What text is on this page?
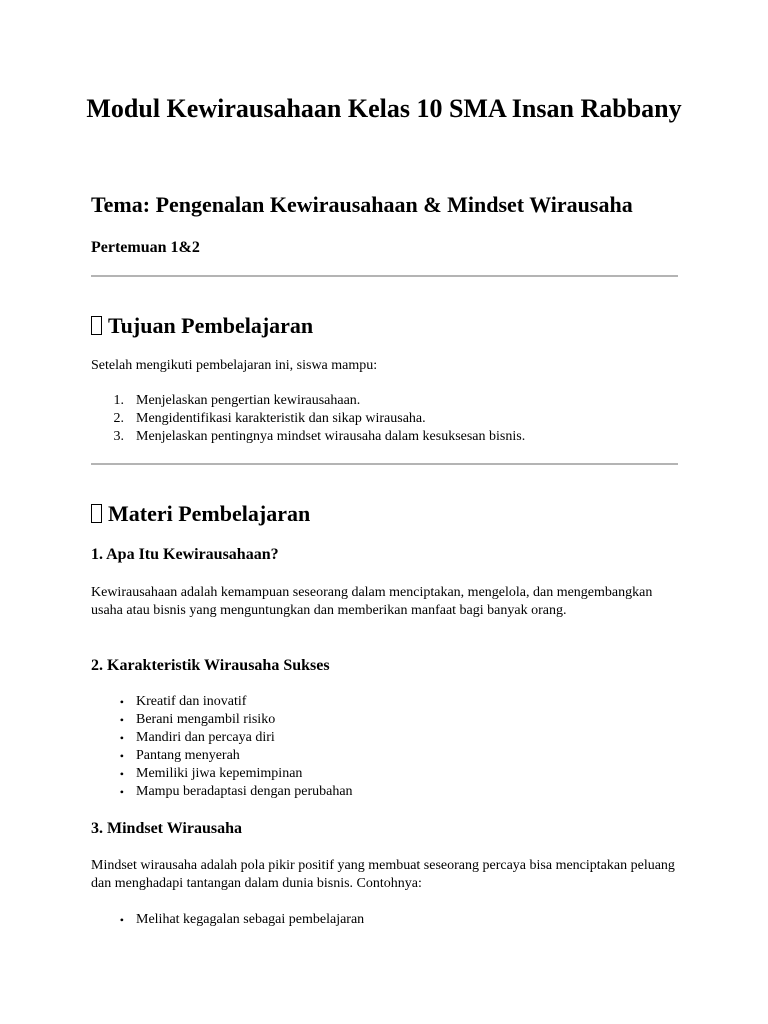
Modul Kewirausahaan Kelas 10 SMA Insan Rabbany
Tema: Pengenalan Kewirausahaan & Mindset Wirausaha
Pertemuan 1&2
Tujuan Pembelajaran

Setelah mengikuti pembelajaran ini, siswa mampu:

1. Menjelaskan pengertian kewirausahaan.
2. Mengidentifikasi karakteristik dan sikap wirausaha.
3. Menjelaskan pentingnya mindset wirausaha dalam kesuksesan bisnis.
Materi Pembelajaran
1. Apa Itu Kewirausahaan?

Kewirausahaan adalah kemampuan seseorang dalam menciptakan, mengelola, dan mengembangkan usaha atau bisnis yang menguntungkan dan memberikan manfaat bagi banyak orang.

2. Karakteristik Wirausaha Sukses
• Kreatif dan inovatif
• Berani mengambil risiko
• Mandiri dan percaya diri
• Pantang menyerah
• Memiliki jiwa kepemimpinan
• Mampu beradaptasi dengan perubahan
3. Mindset Wirausaha

Mindset wirausaha adalah pola pikir positif yang membuat seseorang percaya bisa menciptakan peluang dan menghadapi tantangan dalam dunia bisnis. Contohnya:

• Melihat kegagalan sebagai pembelajaran
